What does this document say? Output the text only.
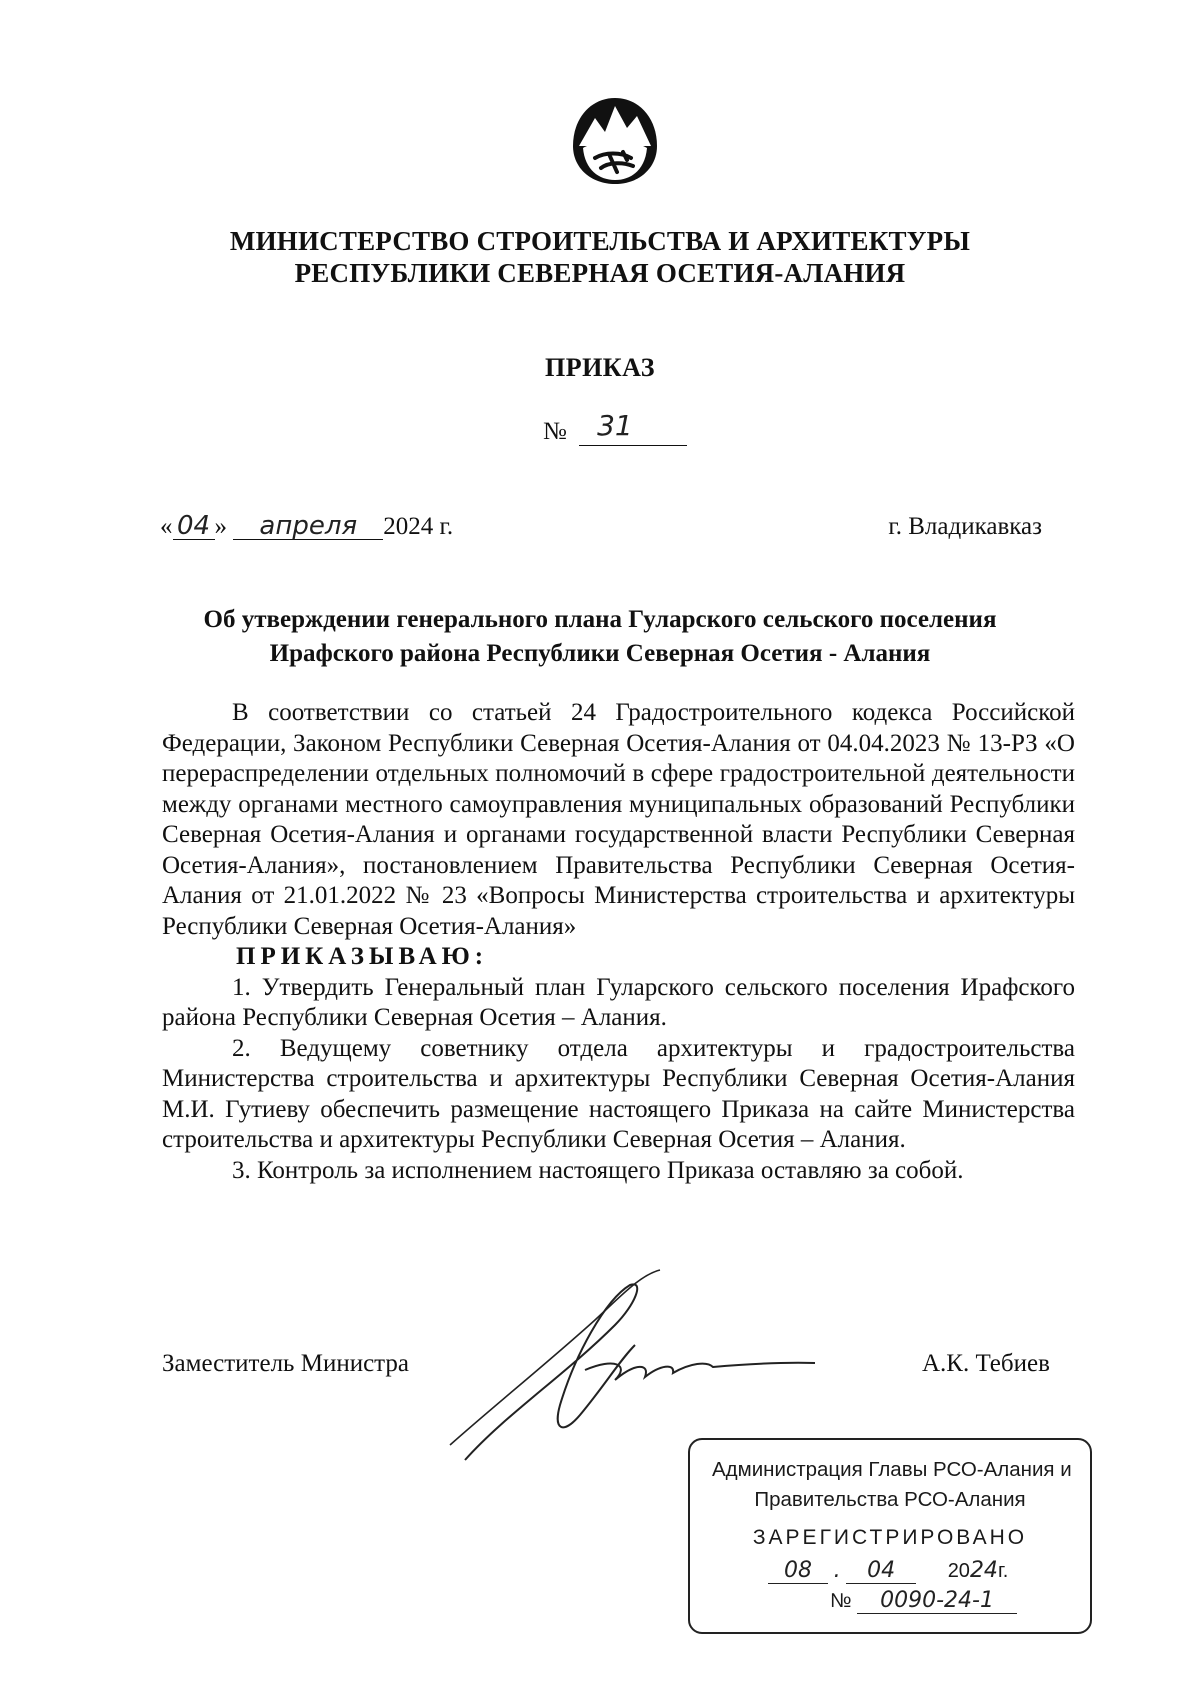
МИНИСТЕРСТВО СТРОИТЕЛЬСТВА И АРХИТЕКТУРЫ
РЕСПУБЛИКИ СЕВЕРНАЯ ОСЕТИЯ-АЛАНИЯ
ПРИКАЗ
№ 31
« 04 » апреля 2024 г.	г. Владикавказ
Об утверждении генерального плана Гуларского сельского поселения
Ирафского района Республики Северная Осетия - Алания

В соответствии со статьей 24 Градостроительного кодекса Российской Федерации, Законом Республики Северная Осетия-Алания от 04.04.2023 № 13-РЗ «О перераспределении отдельных полномочий в сфере градостроительной деятельности между органами местного самоуправления муниципальных образований Республики Северная Осетия-Алания и органами государственной власти Республики Северная Осетия-Алания», постановлением Правительства Республики Северная Осетия-Алания от 21.01.2022 № 23 «Вопросы Министерства строительства и архитектуры Республики Северная Осетия-Алания»

ПРИКАЗЫВАЮ:

1. Утвердить Генеральный план Гуларского сельского поселения Ирафского района Республики Северная Осетия – Алания.

2. Ведущему советнику отдела архитектуры и градостроительства Министерства строительства и архитектуры Республики Северная Осетия-Алания М.И. Гутиеву обеспечить размещение настоящего Приказа на сайте Министерства строительства и архитектуры Республики Северная Осетия – Алания.

3. Контроль за исполнением настоящего Приказа оставляю за собой.

Заместитель Министра	А.К. Тебиев
Администрация Главы РСО-Алания и
Правительства РСО-Алания
ЗАРЕГИСТРИРОВАНО
08 . 04	2024г.
№ 0090-24-1
